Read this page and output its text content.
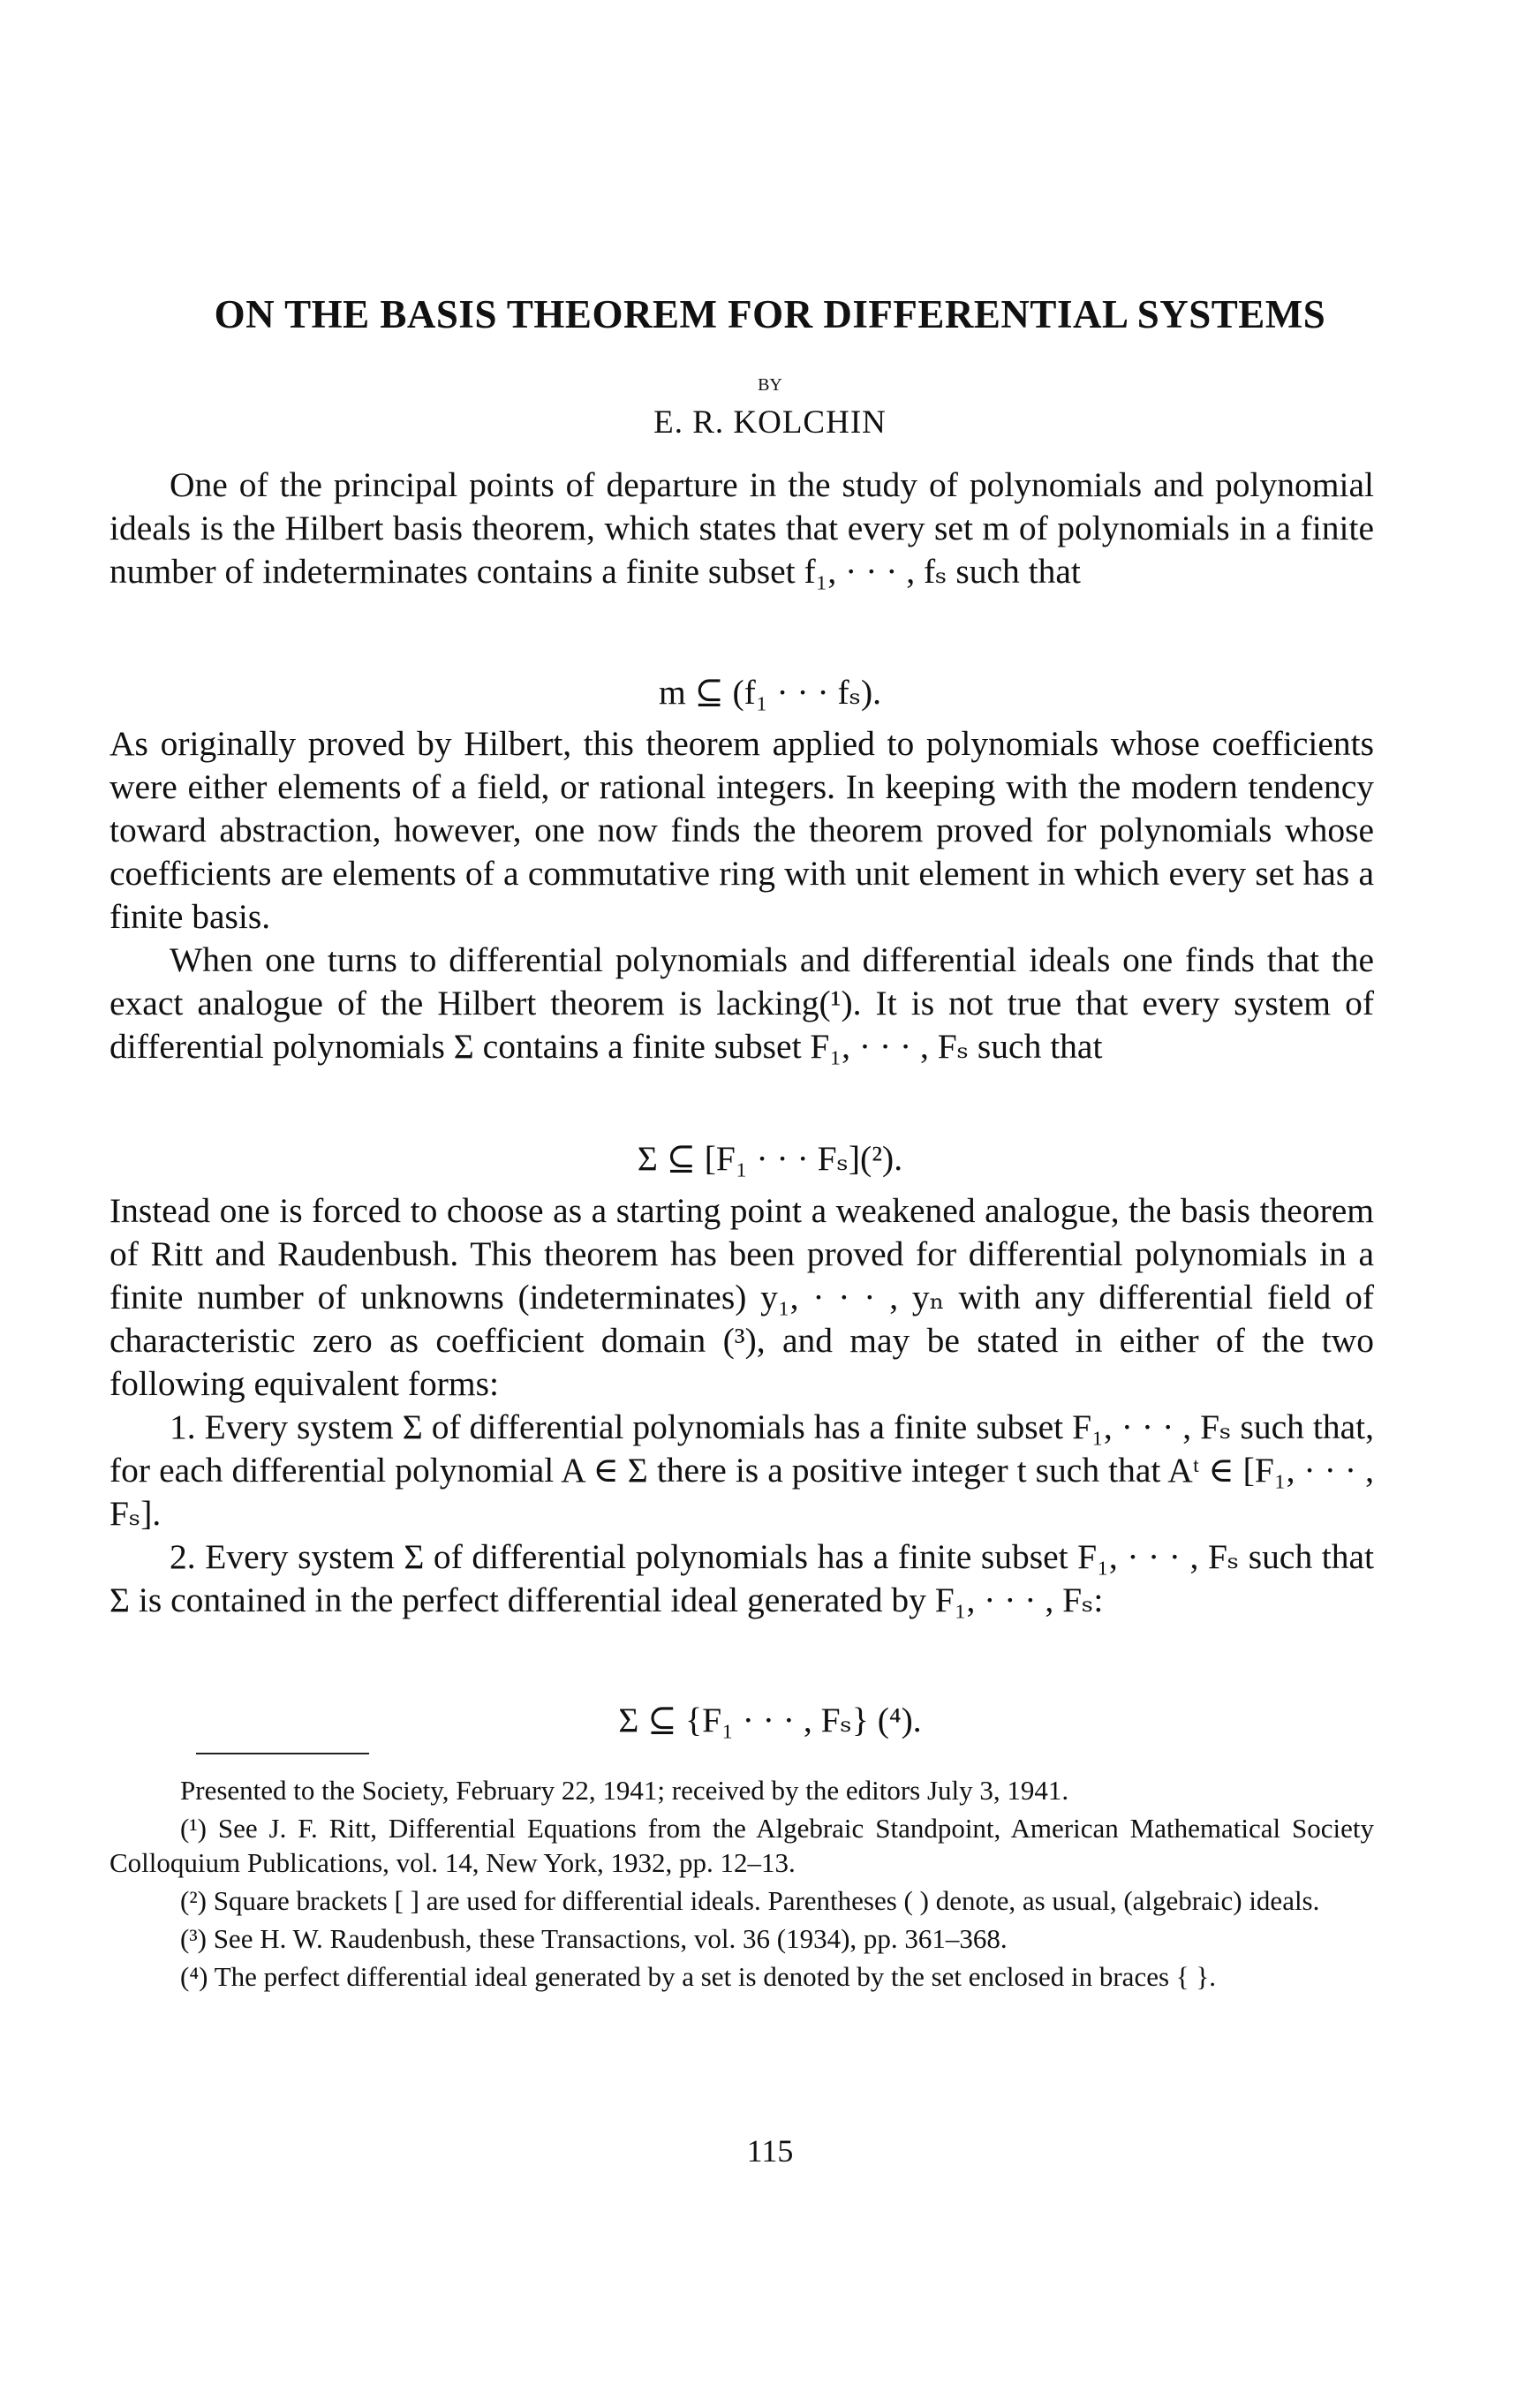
ON THE BASIS THEOREM FOR DIFFERENTIAL SYSTEMS
BY
E. R. KOLCHIN

One of the principal points of departure in the study of polynomials and polynomial ideals is the Hilbert basis theorem, which states that every set m of polynomials in a finite number of indeterminates contains a finite subset f₁, · · · , fₛ such that

m ⊆ (f₁ · · · fₛ).

As originally proved by Hilbert, this theorem applied to polynomials whose coefficients were either elements of a field, or rational integers. In keeping with the modern tendency toward abstraction, however, one now finds the theorem proved for polynomials whose coefficients are elements of a commutative ring with unit element in which every set has a finite basis.

When one turns to differential polynomials and differential ideals one finds that the exact analogue of the Hilbert theorem is lacking(¹). It is not true that every system of differential polynomials Σ contains a finite subset F₁, · · · , Fₛ such that

Σ ⊆ [F₁ · · · Fₛ](²).

Instead one is forced to choose as a starting point a weakened analogue, the basis theorem of Ritt and Raudenbush. This theorem has been proved for differential polynomials in a finite number of unknowns (indeterminates) y₁, · · · , yₙ with any differential field of characteristic zero as coefficient domain (³), and may be stated in either of the two following equivalent forms:

1. Every system Σ of differential polynomials has a finite subset F₁, · · · , Fₛ such that, for each differential polynomial A ∈ Σ there is a positive integer t such that Aᵗ ∈ [F₁, · · · , Fₛ].

2. Every system Σ of differential polynomials has a finite subset F₁, · · · , Fₛ such that Σ is contained in the perfect differential ideal generated by F₁, · · · , Fₛ:

Σ ⊆ {F₁ · · · , Fₛ} (⁴).

Presented to the Society, February 22, 1941; received by the editors July 3, 1941.

(¹) See J. F. Ritt, Differential Equations from the Algebraic Standpoint, American Mathematical Society Colloquium Publications, vol. 14, New York, 1932, pp. 12–13.

(²) Square brackets [ ] are used for differential ideals. Parentheses ( ) denote, as usual, (algebraic) ideals.

(³) See H. W. Raudenbush, these Transactions, vol. 36 (1934), pp. 361–368.

(⁴) The perfect differential ideal generated by a set is denoted by the set enclosed in braces { }.

115
